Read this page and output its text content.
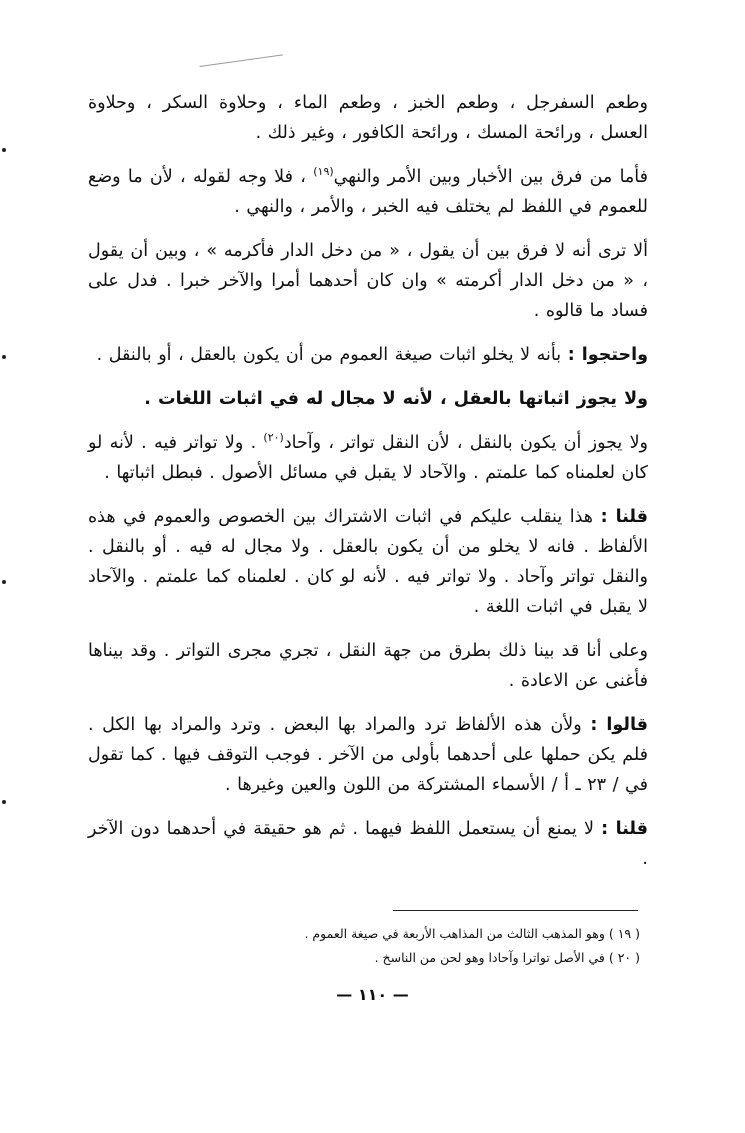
وطعم السفرجل ، وطعم الخبز ، وطعم الماء ، وحلاوة السكر ، وحلاوة العسل ، ورائحة المسك ، ورائحة الكافور ، وغير ذلك .

فأما من فرق بين الأخبار وبين الأمر والنهي$^{(١٩)}$ ، فلا وجه لقوله ، لأن ما وضع للعموم في اللفظ لم يختلف فيه الخبر ، والأمر ، والنهي .

ألا ترى أنه لا فرق بين أن يقول ، « من دخل الدار فأكرمه » ، وبين أن يقول ، « من دخل الدار أكرمته » وان كان أحدهما أمرا والآخر خبرا . فدل على فساد ما قالوه .

واحتجوا : بأنه لا يخلو اثبات صيغة العموم من أن يكون بالعقل ، أو بالنقل .

ولا يجوز اثباتها بالعقل ، لأنه لا مجال له في اثبات اللغات .

ولا يجوز أن يكون بالنقل ، لأن النقل تواتر ، وآحاد$^{(٢٠)}$ . ولا تواتر فيه . لأنه لو كان لعلمناه كما علمتم . والآحاد لا يقبل في مسائل الأصول . فبطل اثباتها .

قلنا : هذا ينقلب عليكم في اثبات الاشتراك بين الخصوص والعموم في هذه الألفاظ . فانه لا يخلو من أن يكون بالعقل . ولا مجال له فيه . أو بالنقل . والنقل تواتر وآحاد . ولا تواتر فيه . لأنه لو كان . لعلمناه كما علمتم . والآحاد لا يقبل في اثبات اللغة .

وعلى أنا قد بينا ذلك بطرق من جهة النقل ، تجري مجرى التواتر . وقد بيناها فأغنى عن الاعادة .

قالوا : ولأن هذه الألفاظ ترد والمراد بها البعض . وترد والمراد بها الكل . فلم يكن حملها على أحدهما بأولى من الآخر . فوجب التوقف فيها . كما تقول في / ٢٣ ـ أ / الأسماء المشتركة من اللون والعين وغيرها .

قلنا : لا يمنع أن يستعمل اللفظ فيهما . ثم هو حقيقة في أحدهما دون الآخر .

( ١٩ ) وهو المذهب الثالث من المذاهب الأربعة في صيغة العموم .

( ٢٠ ) في الأصل تواترا وآحادا وهو لحن من الناسخ .

— ١١٠ —
